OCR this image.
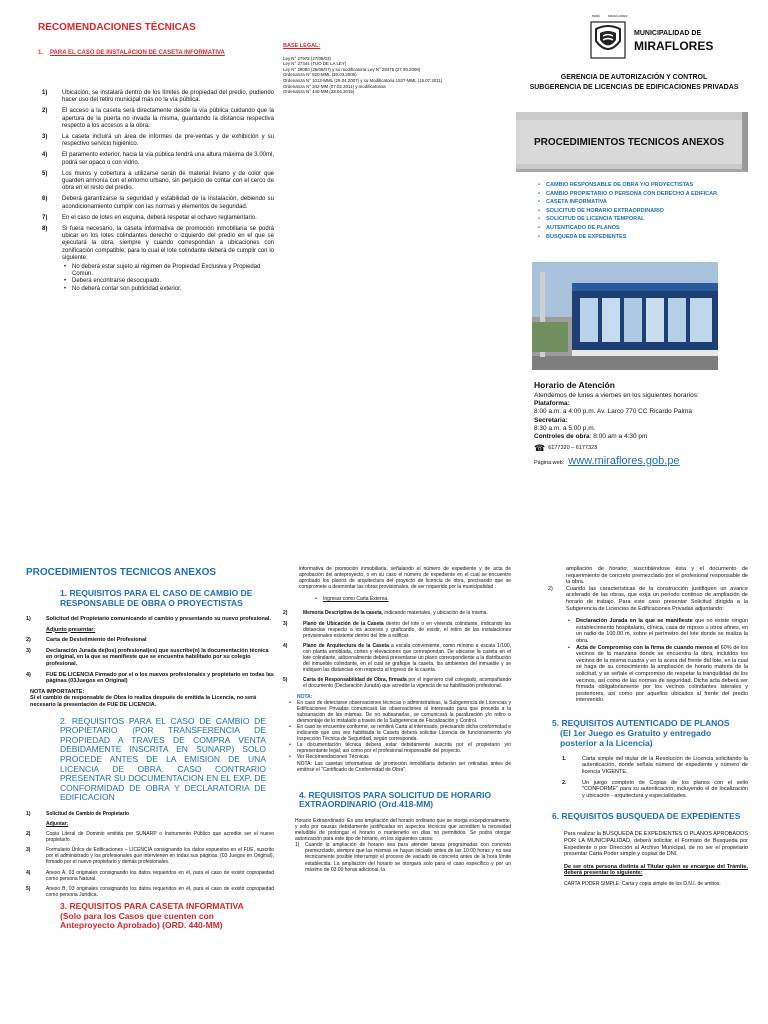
RECOMENDACIONES TÉCNICAS
1.	PARA EL CASO DE INSTALACION DE CASETA INFORMATIVA
1) Ubicación, se instalará dentro de los límites de propiedad del predio, pudiendo hacer uso del retiro municipal más no la vía pública.
2) El acceso a la caseta será directamente desde la vía pública cuidando que la apertura de la puerta no invada la misma, guardando la distancia respectiva respecto a los accesos a la obra.
3) La caseta incluirá un área de informes de pre-ventas y de exhibición y su respectivo servicio higiénico.
4) El paramento exterior, hacia la vía pública tendrá una altura máxima de 3.00ml, podrá ser opaco o con vidrio.
5) Los muros y cobertura a utilizarse serán de material liviano y de color que guarden armonía con el entorno urbano, sin perjuicio de contar con el cerco de obra en el resto del predio.
6) Deberá garantizarse la seguridad y estabilidad de la instalación, debiendo su acondicionamiento cumplir con las normas y elementos de seguridad.
7) En el caso de lotes en esquina, deberá respetar el ochavo reglamentario.
8) Si fuera necesario, la caseta informativa de promoción inmobiliaria se podrá ubicar en los lotes colindantes derecho o izquierdo del predio en el que se ejecutará la obra, siempre y cuando correspondan a ubicaciones con zonificación compatible; para lo cual el lote colindante deberá de cumplir con lo siguiente:
• No deberá estar sujeto al régimen de Propiedad Exclusiva y Propiedad Común.
• Deberá encontrarse desocupado.
• No deberá contar son publicidad exterior.
BASE LEGAL:
Ley N° 27972 (27/05/03)
Ley N° 27444 (TUO DE LA LEY)
Ley N° 29090 (25/09/07) y su modificatoria Ley N° 29476 (27.09.2008)
Ordenanza N° 920-MML (30.03.2006)
Ordenanza N° 1012-MML (29.04.2007) y su Modificatoria 1537-MML (15.07.2011)
Ordenanza N° 342-MM (07.02.2011) y modificatorias
Ordenanza N° 440-MM (23.04.2015)
PERÚ	MIRAFLORES
MUNICIPALIDAD DE
MIRAFLORES
GERENCIA DE AUTORIZACIÓN Y CONTROL
SUBGERENCIA DE LICENCIAS DE EDIFICACIONES PRIVADAS
PROCEDIMIENTOS TECNICOS ANEXOS
• CAMBIO RESPONSABLE DE OBRA Y/O PROYECTISTAS
• CAMBIO PROPIETARIO O PERSONA CON DERECHO A EDIFICAR
• CASETA INFORMATIVA
• SOLICITUD DE HORARIO EXTRAORDINARIO
• SOLICITUD DE LICENCIA TEMPORAL
• AUTENTICADO DE PLANOS
• BUSQUEDA DE EXPEDIENTES
Horario de Atención
Atendemos de lunes a viernes en los siguientes horarios:
Plataforma:
8:00 a.m. a 4:00 p.m. Av. Larco 770 CC Ricardo Palma
Secretaria:
8:30 a.m. a 5:00 p.m.
Controles de obra: 8:00 am a 4:30 pm
☎ 6177320 – 6177323
Página web: www.miraflores.gob.pe
PROCEDIMIENTOS TECNICOS ANEXOS
1. REQUISITOS PARA EL CASO DE CAMBIO DE RESPONSABLE DE OBRA O PROYECTISTAS
1)	Solicitud del Propietario comunicando el cambio y presentando su nuevo profesional.
Adjunto presentar:
2)	Carta de Desistimiento del Profesional
3)	Declaración Jurada de(los) profesional(es) que suscribe(n) la documentación técnica en original, en la que se manifieste que se encuentra habilitado por su colegio profesional.
4)	FUE DE LICENCIA Firmado por el o los nuevos profesionales y propietario en todas las páginas (03Juegos en Original)
NOTA IMPORTANTE:
Si el cambio de responsable de Obra lo realiza después de emitida la Licencia, no será necesario la presentación de FUE DE LICENCIA.
2. REQUISITOS PARA EL CASO DE CAMBIO DE PROPIETARIO (POR TRANSFERENCIA DE PROPIEDAD A TRAVES DE COMPRA VENTA DEBIDAMENTE INSCRITA EN SUNARP) SOLO PROCEDE ANTES DE LA EMISION DE UNA LICENCIA DE OBRA. CASO CONTRARIO PRESENTAR SU DOCUMENTACION EN EL EXP. DE CONFORMIDAD DE OBRA Y DECLARATORIA DE EDIFICACION
1)	Solicitud de Cambio de Propietario
Adjuntar:
2)	Copia Literal de Dominio emitida por SUNARP o Instrumento Público que acredite ser el nuevo propietario.
3)	Formulario Único de Edificaciones – LICENCIA consignando los datos expuestos en el FUE, suscrito por el administrado y los profesionales que intervienen en todas sus páginas. (03 Juegos en Original), firmado por el nuevo propietario y demás profesionales.
4)	Anexo A, 03 originales consignando los datos requeridos en él, para el caso de existir copropiedad como persona Natural.
5)	Anexo B, 03 originales consignando los datos requeridos en él, para el caso de existir copropiedad como persona Jurídica.
3. REQUISITOS PARA CASETA INFORMATIVA (Solo para los Casos que cuenten con Anteproyecto Aprobado) (ORD. 440-MM)
informativa de promoción inmobiliaria, señalando el número de expediente y de acta de aprobación del anteproyecto, o en su caso el número de expediente en el cual se encuentre aprobado los planos de arquitectura del proyecto de licencia de obra, precisando que se compromete a desmontar las obras provisionales, de ser requerido por la municipalidad .
• Ingresar como Carta Externa.
2)	Memoria Descriptiva de la caseta, indicando materiales, y ubicación de la misma.
3)	Plano de Ubicación de la Caseta dentro del lote o en vivienda colindante, indicando las distancias respecto a los accesos y graficando, de existir, el retiro de las instalaciones provisionales existente dentro del lote a edificar.
4)	Plano de Arquitectura de la Caseta a escala conveniente, como mínimo a escala 1/100, con planta amoblada, cortes y elevaciones que correspondan. De ubicarse la caseta en el lote colindante, adicionalmente deberá presentarse un plano correspondiente a la distribución del inmueble colindante, en el cual se grafique la caseta, los ambientes del inmueble y se indiquen las distancias con respecto al ingreso de la caseta.
5)	Carta de Responsabilidad de Obra, firmada por el ingeniero civil colegiado, acompañando el documento (Declaración Jurada) que acredite la vigencia de su habilitación profesional.
NOTA:
• En caso de detectarse observaciones técnicas o administrativas, la Subgerencia de Licencias y Edificaciones Privadas comunicará las observaciones al interesado para que proceda a la subsanación de las mismas. De no subsanarlas, se comunicará la paralización y/o retiro o desmontaje de lo instalado a través de la Subgerencia de Fiscalización y Control.
• En caso se encuentre conforme, se remitirá Carta al interesado, precisando dicha conformidad e indicando que una vez habilitada la Caseta deberá solicitar Licencia de funcionamiento y/o Inspección Técnica de Seguridad, según corresponda.
• La documentación técnica deberá estar debidamente suscrita por el propietario y/o representante legal; así como por el profesional responsable del proyecto.
• Ver Recomendaciones Técnicas
NOTA: Las casetas informativas de promoción inmobiliaria deberán ser retiradas antes de emitirse el "Certificado de Conformidad de Obra".
4. REQUISITOS PARA SOLICITUD DE HORARIO EXTRAORDINARIO (Ord.418-MM)
Horario Extraordinario: Es una ampliación del horario ordinario que se otorga excepcionalmente, y solo por causas debidamente justificadas en aspectos técnicos que acrediten la necesidad ineludible de prolongar el horario o mantenerlo en días no permitidos. Se podrá otorgar autorización para este tipo de horario, en los siguientes casos:
1)	Cuando la ampliación de horario sea para atender tareas programadas con concreto premezclado, siempre que las mismas se hayan iniciado antes de las 10:00 horas y no sea técnicamente posible interrumpir el proceso de vaciado de concreto antes de la hora límite establecida. La ampliación del horario se otorgará solo para el caso específico y por un máximo de 03:00 horas adicional, la
ampliación de horario; suscribiéndose ésta y el documento de requerimiento de concreto premezclado por el profesional responsable de la obra.
2)	Cuando las características de la construcción justifiquen un avance acelerado de las obras, que exija un periodo continuo de ampliación de horario de trabajo. Para este caso presentar Solicitud dirigida a la Subgerencia de Licencias de Edificaciones Privadas adjuntando:
• Declaración Jurada en la que se manifieste que no existe ningún establecimiento hospitalario, clínica, casa de reposo u otros afines, en un radio de 100.00 m, sobre el perímetro del lote donde se realiza la obra.
• Acta de Compromiso con la firma de cuando menos el 60% de los vecinos de la manzana donde se encuentra la obra, incluidos los vecinos de la misma cuadra y en la acera del frente del lote, en la cual se haga de su conocimiento la ampliación de horario materia de la solicitud, y se señale el compromiso de respetar la tranquilidad de los vecinos, así como de las normas de seguridad. Dicha acta deberá ser firmada obligatoriamente por los vecinos colindantes laterales y posteriores, así como por aquellos ubicados al frente del predio intervenido.
5. REQUISITOS AUTENTICADO DE PLANOS
(El 1er Juego es Gratuito y entregado posterior a la Licencia)
1.	Carta simple del titular de la Resolución de Licencia solicitando la autenticación, donde señala número de expediente y número de licencia VIGENTE.
2.	Un juego completo de Copias de los planos con el sello "CONFORME" para su autenticación, incluyendo el de localización y ubicación - arquitectura y especialidades.
6. REQUISITOS BUSQUEDA DE EXPEDIENTES
Para realizar la BUSQUEDA DE EXPEDIENTES O PLANOS APROBADOS POR LA MUNICIPALIDAD, deberá solicitar el Formato de Busqueda por Expediente o por Dirección al Archivo Municipal, de no ser el propietario presentar Carta Poder simple y copias de DNI.
De ser otra persona distinta al Titular quien se encargue del Trámite, deberá presentar lo siguiente:
CARTA PODER SIMPLE: Carta y copia simple de los D.N.I. de ambos.
